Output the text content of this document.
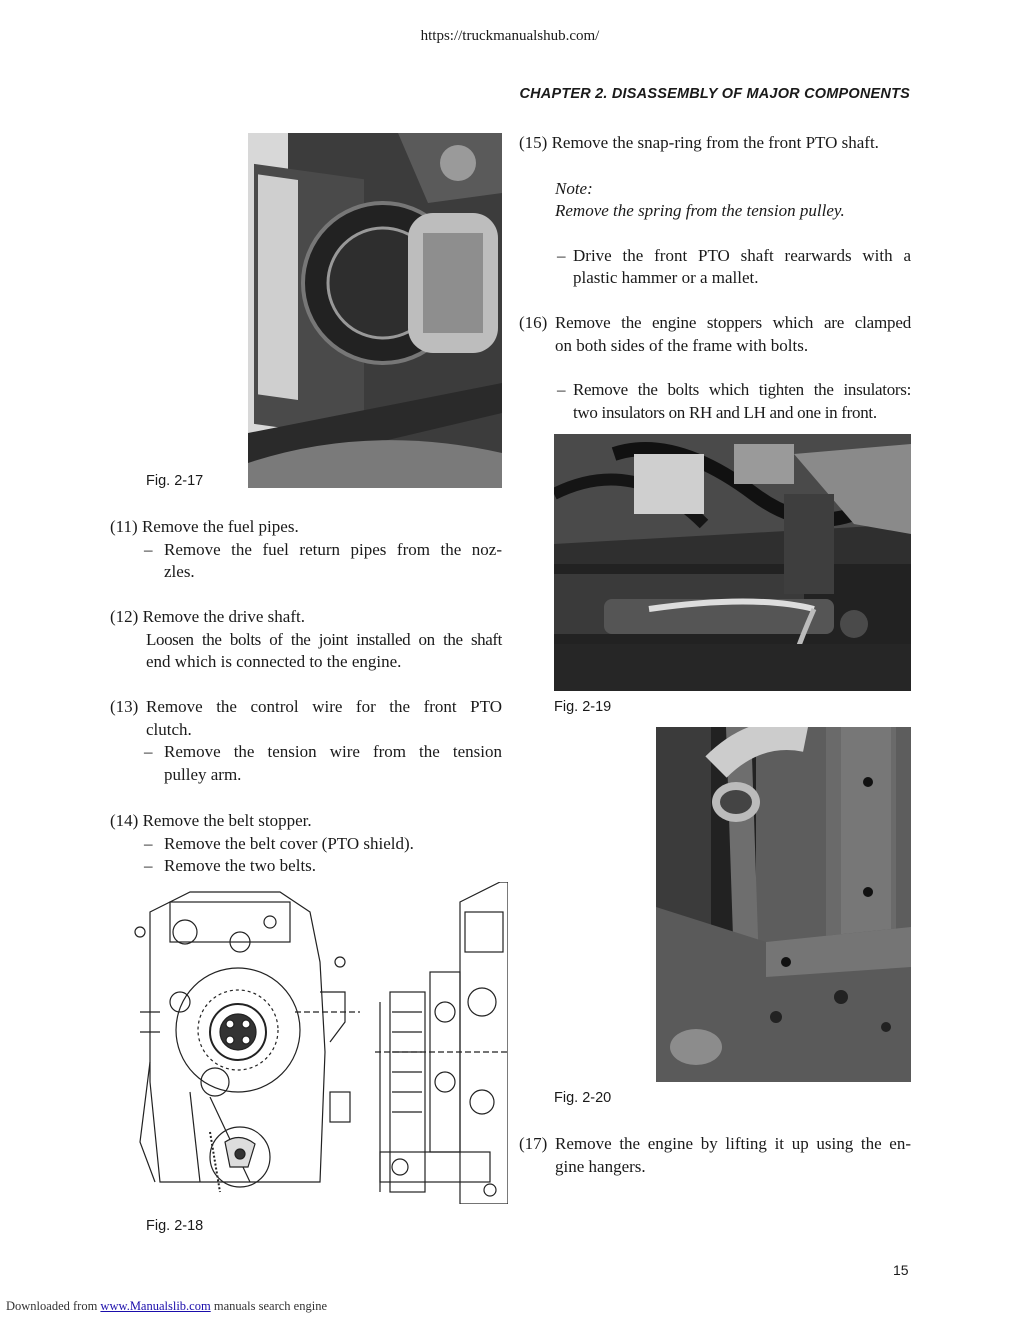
https://truckmanualshub.com/
CHAPTER 2. DISASSEMBLY OF MAJOR COMPONENTS
Fig. 2-17
(11) Remove the fuel pipes.
– Remove the fuel return pipes from the noz-
zles.
(12) Remove the drive shaft.
Loosen the bolts of the joint installed on the shaft
end which is connected to the engine.
(13) Remove the control wire for the front PTO
clutch.
– Remove the tension wire from the tension
pulley arm.
(14) Remove the belt stopper.
– Remove the belt cover (PTO shield).
– Remove the two belts.
Fig. 2-18
(15) Remove the snap-ring from the front PTO shaft.
Note:
Remove the spring from the tension pulley.
– Drive the front PTO shaft rearwards with a
plastic hammer or a mallet.
(16) Remove the engine stoppers which are clamped
on both sides of the frame with bolts.
– Remove the bolts which tighten the insulators:
two insulators on RH and LH and one in front.
Fig. 2-19
Fig. 2-20
(17) Remove the engine by lifting it up using the en-
gine hangers.
15
Downloaded from www.Manualslib.com manuals search engine
